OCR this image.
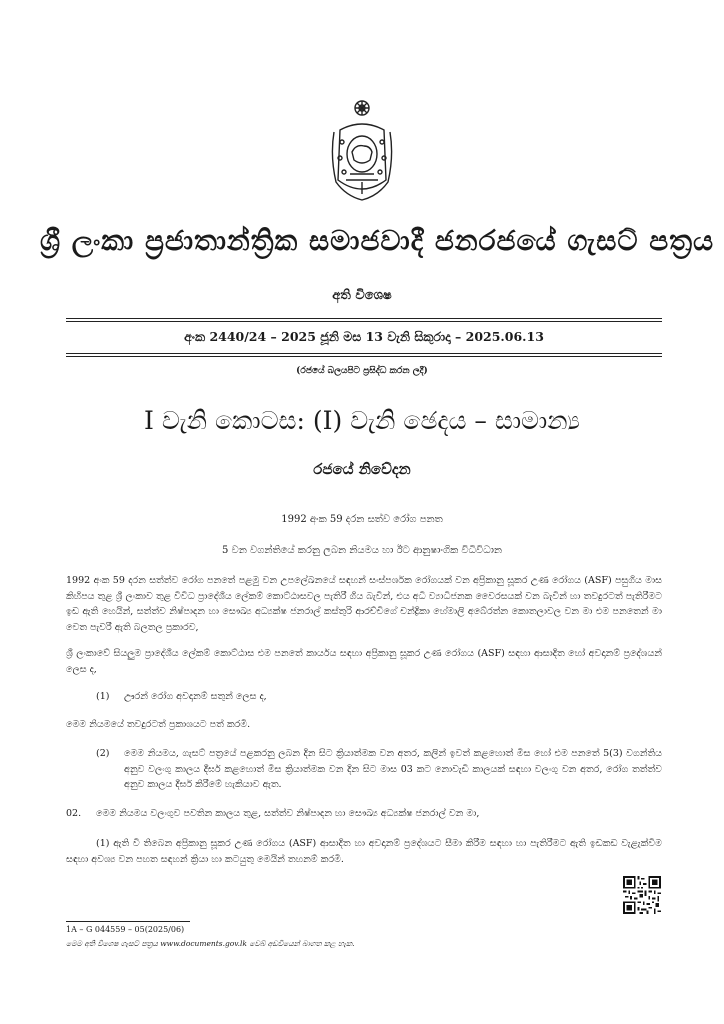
ශ්‍රී ලංකා ප්‍රජාතාන්ත්‍රික සමාජවාදී ජනරජයේ ගැසට් පත්‍රය
අති විශෙෂ
අංක 2440/24 – 2025 ජූනි මස 13 වැනි සිකුරාදා – 2025.06.13
(රජයේ බලයපිට ප්‍රසිද්ධ කරන ලදී)
I වැනි කොටස: (I) වැනි ඡෙදය – සාමාන්‍ය
රජයේ නිවේදන
1992 අංක 59 දරන සත්ව රෝග පනත
5 වන වගන්තියේ කරනු ලබන නියමය හා ඊට ආනුෂාංගික විධිවිධාන

1992 අංක 59 දරන සත්ත්ව රෝග පනතේ පළමු වන උපලේඛනයේ සඳහන් සංස්පර්ශක රෝගයක් වන අප්‍රිකානු සූකර උණ රෝගය (ASF) පසුගිය මාස කිහිපය තුළ ශ්‍රී ලංකාව තුළ විවිධ ප්‍රාදේශීය ලේකම් කොට්ඨාසවල පැතිරී ගිය බැවින්, එය අධි ව්‍යාධිජනක වෛරසයක් වන බැවින් හා තවදුරටත් පැතිරීමට ඉඩ ඇති හෙයින්, සත්ත්ව නිෂ්පාදන හා සෞඛ්‍ය අධ්‍යක්ෂ ජනරාල් කස්තුරි ආරච්චිගේ චන්ද්‍රිකා හේමාලි අබේරත්න කොතලාවල වන මා එම පනතෙන් මා වෙත පැවරී ඇති බලතල ප්‍රකාරව,

ශ්‍රී ලංකාවේ සියලුම ප්‍රාදේශීය ලේකම් කොට්ඨාස එම පනතේ කාර්යය සඳහා අප්‍රිකානු සූකර උණ රෝගය (ASF) සඳහා ආසාදිත හෝ අවදානම් ප්‍රදේශයන් ලෙස ද,

(1) ඌරන් රෝග අවදානම් සතුන් ලෙස ද,

මෙම නියමයේ තවදුරටත් ප්‍රකාශයට පත් කරමි.

(2) මෙම නියමය, ගැසට් පත්‍රයේ පළකරනු ලබන දින සිට ක්‍රියාත්මක වන අතර, කලින් ඉවත් කළහොත් මිස හෝ එම පනතේ 5(3) වගන්තිය අනුව වලංගු කාලය දීර්ඝ කළහොත් මිස ක්‍රියාත්මක වන දින සිට මාස 03 කට නොවැඩි කාලයක් සඳහා වලංගු වන අතර, රෝග තත්ත්ව අනුව කාලය දීර්ඝ කිරීමේ හැකියාව ඇත.

02. මෙම නියමය වලංගුව පවතින කාලය තුළ, සත්ත්ව නිෂ්පාදන හා සෞඛ්‍ය අධ්‍යක්ෂ ජනරාල් වන මා,

(1) ඇති වී තිබෙන අප්‍රිකානු සූකර උණ රෝගය (ASF) ආසාදිත හා අවදානම් ප්‍රදේශයට සීමා කිරීම සඳහා හා පැතිරීමට ඇති ඉඩකඩ වැළැක්වීම සඳහා අවශ්‍ය වන පහත සඳහන් ක්‍රියා හා කටයුතු මෙයින් තහනම් කරමි.

1A – G 044559 – 05(2025/06)
මෙම අති විශෙෂ ගැසට් පත්‍රය www.documents.gov.lk වෙබ් අඩවියෙන් බාගත කළ හැක.
